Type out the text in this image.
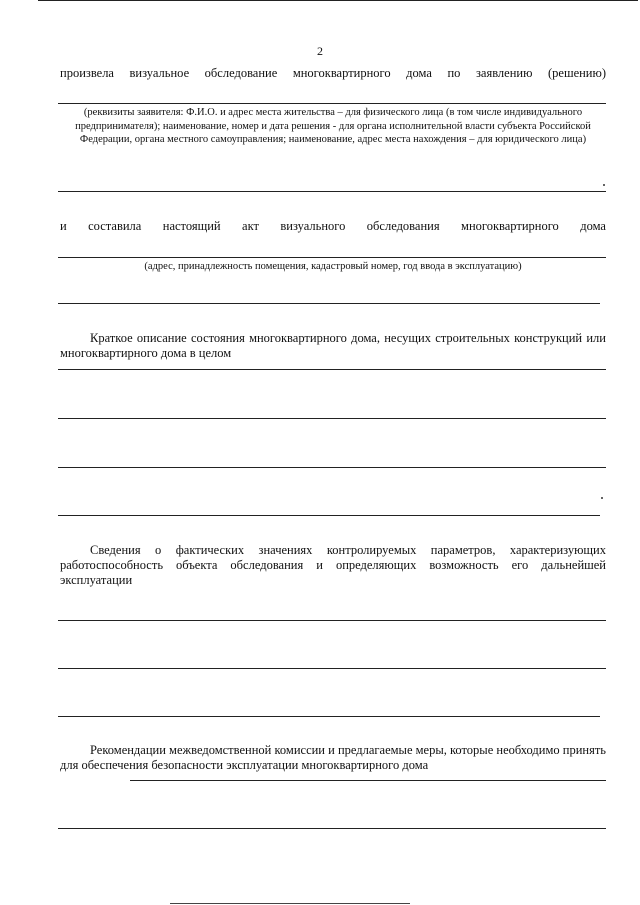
2
произвела визуальное обследование многоквартирного дома по заявлению (решению)
(реквизиты заявителя: Ф.И.О. и адрес места жительства – для физического лица (в том числе индивидуального предпринимателя); наименование, номер и дата решения - для органа исполнительной власти субъекта Российской Федерации, органа местного самоуправления; наименование, адрес места нахождения – для юридического лица)
и составила настоящий акт визуального обследования многоквартирного дома
(адрес, принадлежность помещения, кадастровый номер, год ввода в эксплуатацию)
Краткое описание состояния многоквартирного дома, несущих строительных конструкций или многоквартирного дома в целом
Сведения о фактических значениях контролируемых параметров, характеризующих работоспособность объекта обследования и определяющих возможность его дальнейшей эксплуатации
Рекомендации межведомственной комиссии и предлагаемые меры, которые необходимо принять для обеспечения безопасности эксплуатации многоквартирного дома
